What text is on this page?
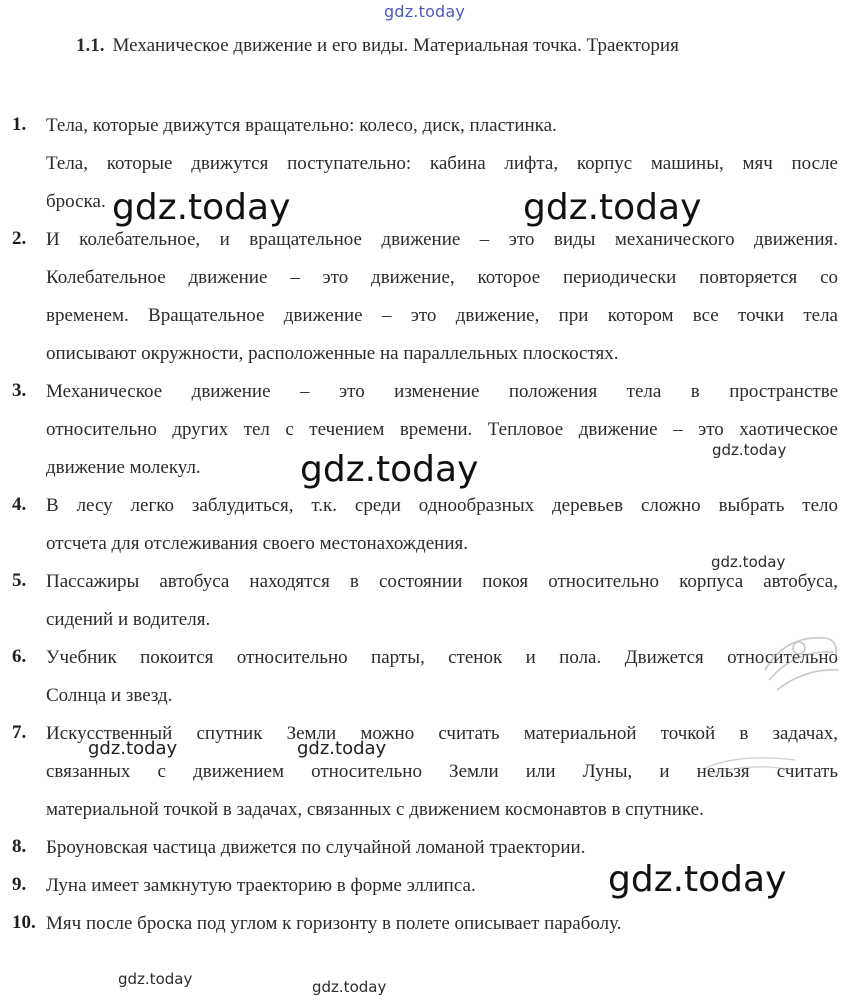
gdz.today
1.1. Механическое движение и его виды. Материальная точка. Траектория
1. Тела, которые движутся вращательно: колесо, диск, пластинка.
Тела, которые движутся поступательно: кабина лифта, корпус машины, мяч после
броска.
2. И колебательное, и вращательное движение – это виды механического движения.
Колебательное движение – это движение, которое периодически повторяется со
временем. Вращательное движение – это движение, при котором все точки тела
описывают окружности, расположенные на параллельных плоскостях.
3. Механическое движение – это изменение положения тела в пространстве
относительно других тел с течением времени. Тепловое движение – это хаотическое
движение молекул.
4. В лесу легко заблудиться, т.к. среди однообразных деревьев сложно выбрать тело
отсчета для отслеживания своего местонахождения.
5. Пассажиры автобуса находятся в состоянии покоя относительно корпуса автобуса,
сидений и водителя.
6. Учебник покоится относительно парты, стенок и пола. Движется относительно
Солнца и звезд.
7. Искусственный спутник Земли можно считать материальной точкой в задачах,
связанных с движением относительно Земли или Луны, и нельзя считать
материальной точкой в задачах, связанных с движением космонавтов в спутнике.
8. Броуновская частица движется по случайной ломаной траектории.
9. Луна имеет замкнутую траекторию в форме эллипса.
10. Мяч после броска под углом к горизонту в полете описывает параболу.
gdz.today	gdz.today
gdz.today
gdz.today
gdz.today
gdz.today
gdz.today	gdz.today
gdz.today	gdz.today
